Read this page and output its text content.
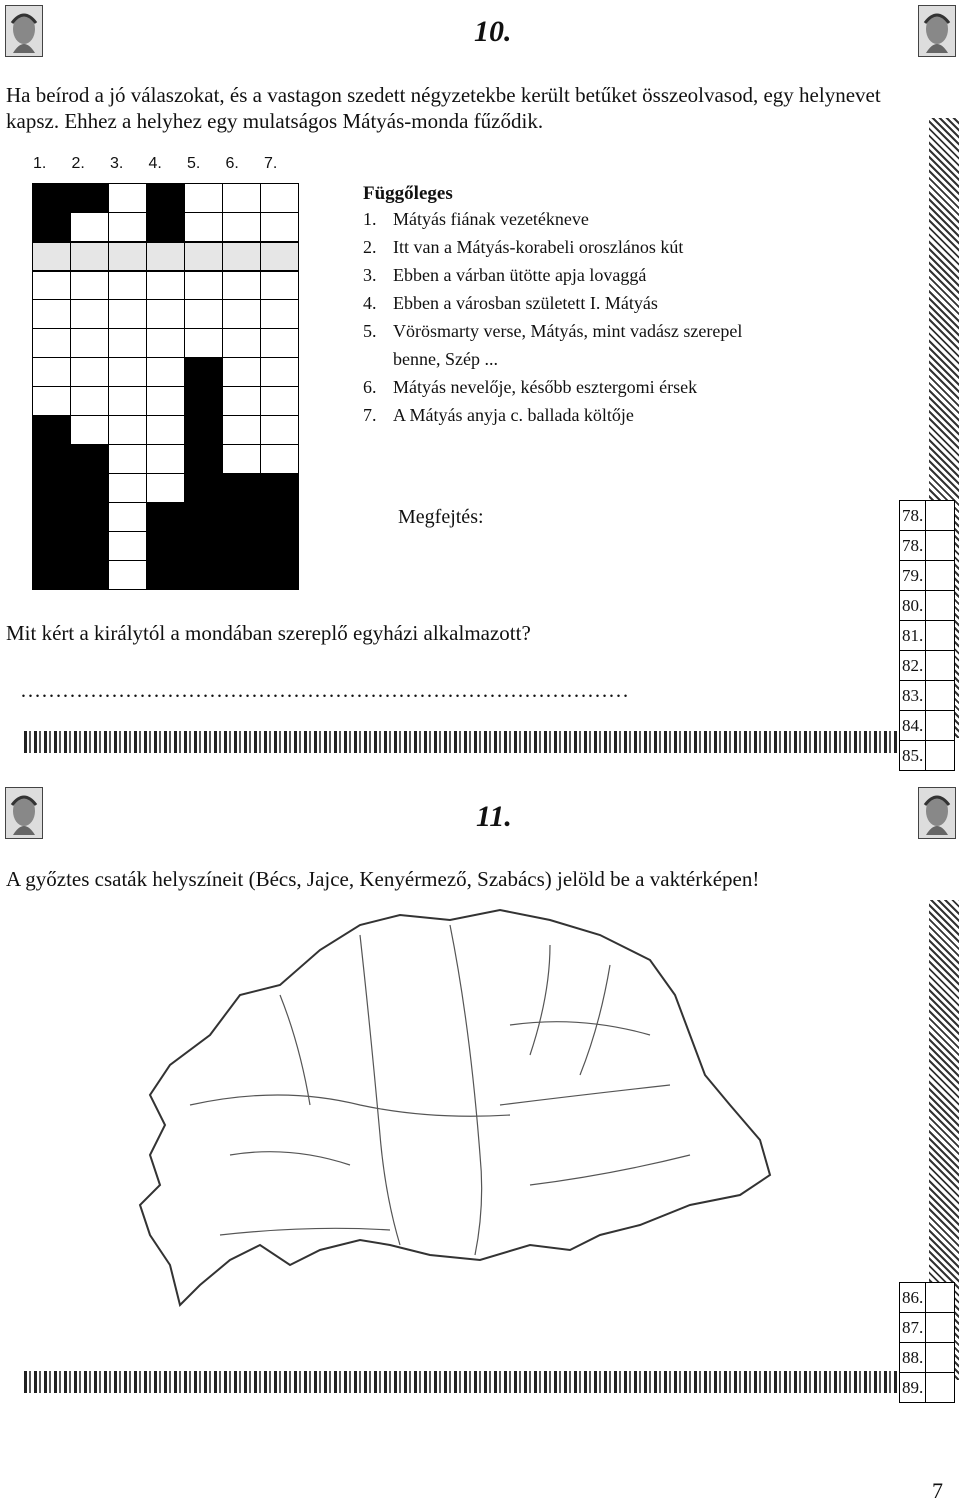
10.
Ha beírod a jó válaszokat, és a vastagon szedett négyzetekbe került betűket összeolvasod, egy helynevet kapsz. Ehhez a helyhez egy mulatságos Mátyás-monda fűződik.
1.	2.	3.	4.	5.	6.	7.

Függőleges
1. Mátyás fiának vezetékneve
2. Itt van a Mátyás-korabeli oroszlános kút
3. Ebben a várban ütötte apja lovaggá
4. Ebben a városban született I. Mátyás
5. Vörösmarty verse, Mátyás, mint vadász szerepel
benne, Szép ...
6. Mátyás nevelője, később esztergomi érsek
7. A Mátyás anyja c. ballada költője
Megfejtés:
Mit kért a királytól a mondában szereplő egyházi alkalmazott?
……………………………………………………………………………
78.	
78.	
79.	
80.	
81.	
82.	
83.	
84.	
85.	
11.
A győztes csaták helyszíneit (Bécs, Jajce, Kenyérmező, Szabács) jelöld be a vaktérképen!
86.	
87.	
88.	
89.	
7
